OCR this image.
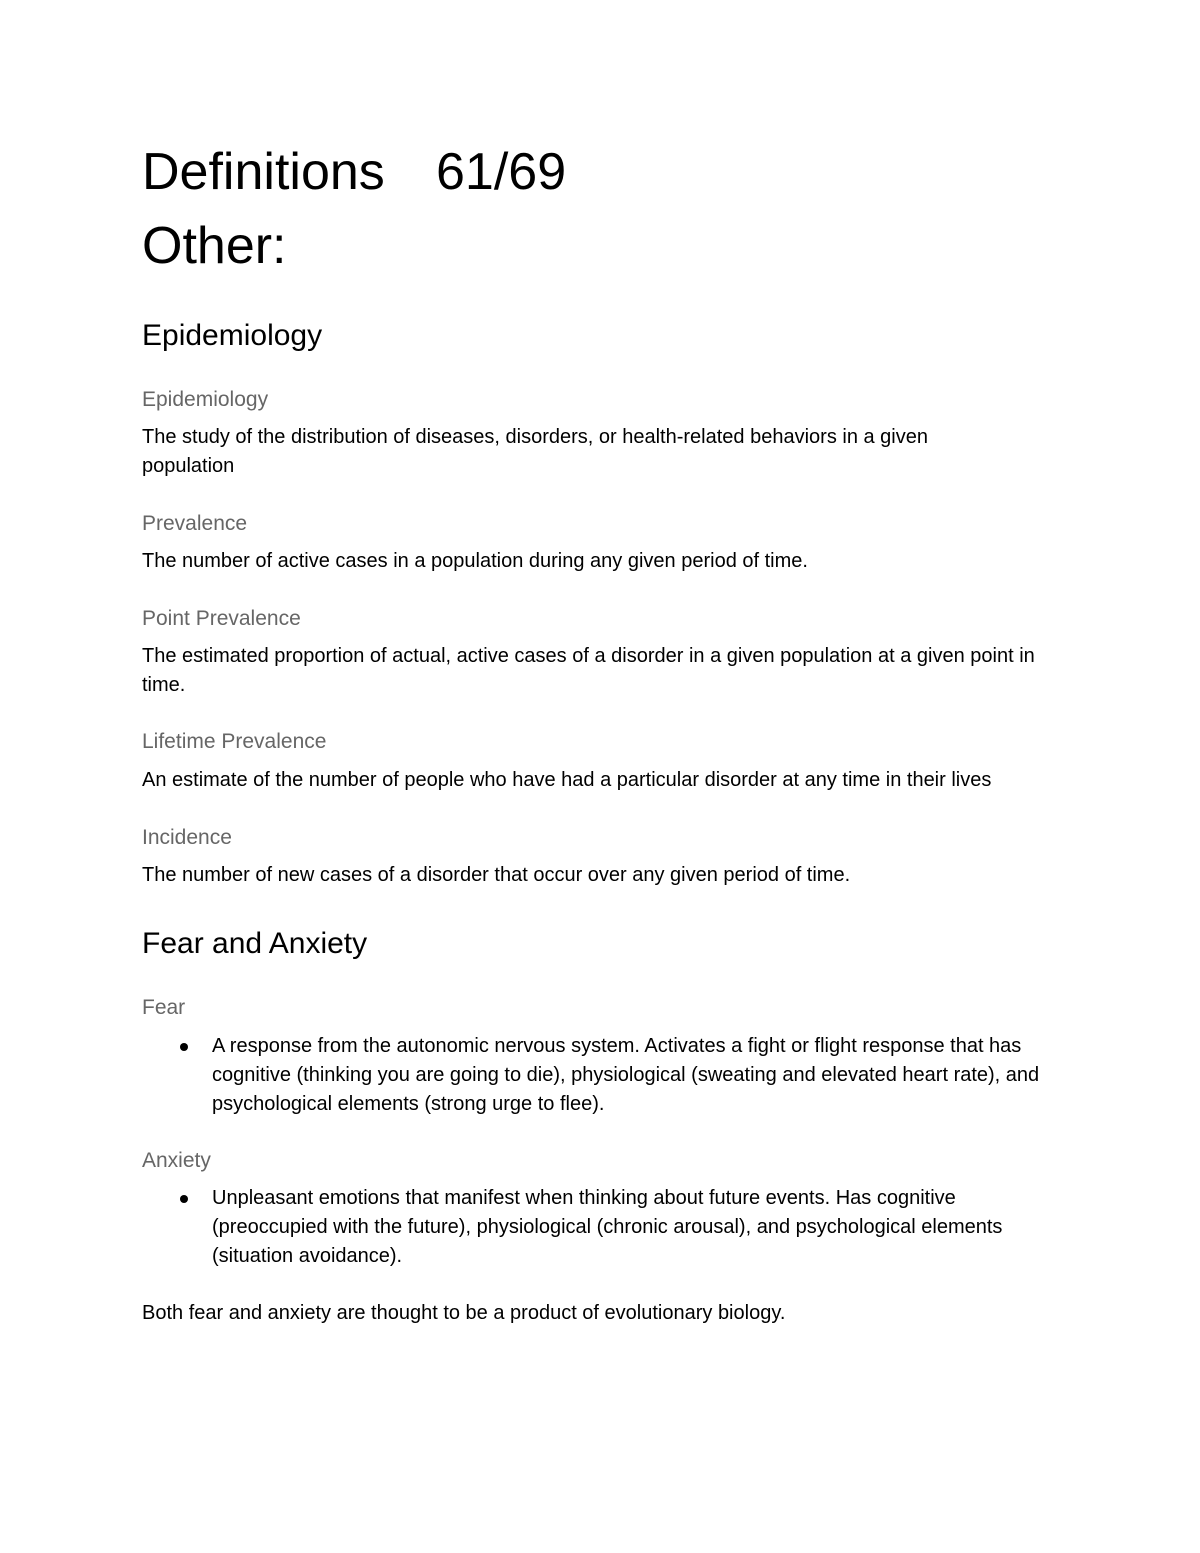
Definitions 61/69
Other:
Epidemiology
Epidemiology

The study of the distribution of diseases, disorders, or health-related behaviors in a given population

Prevalence

The number of active cases in a population during any given period of time.

Point Prevalence

The estimated proportion of actual, active cases of a disorder in a given population at a given point in time.

Lifetime Prevalence

An estimate of the number of people who have had a particular disorder at any time in their lives

Incidence

The number of new cases of a disorder that occur over any given period of time.

Fear and Anxiety
Fear
A response from the autonomic nervous system. Activates a fight or flight response that has cognitive (thinking you are going to die), physiological (sweating and elevated heart rate), and psychological elements (strong urge to flee).
Anxiety
Unpleasant emotions that manifest when thinking about future events. Has cognitive (preoccupied with the future), physiological (chronic arousal), and psychological elements (situation avoidance).

Both fear and anxiety are thought to be a product of evolutionary biology.
